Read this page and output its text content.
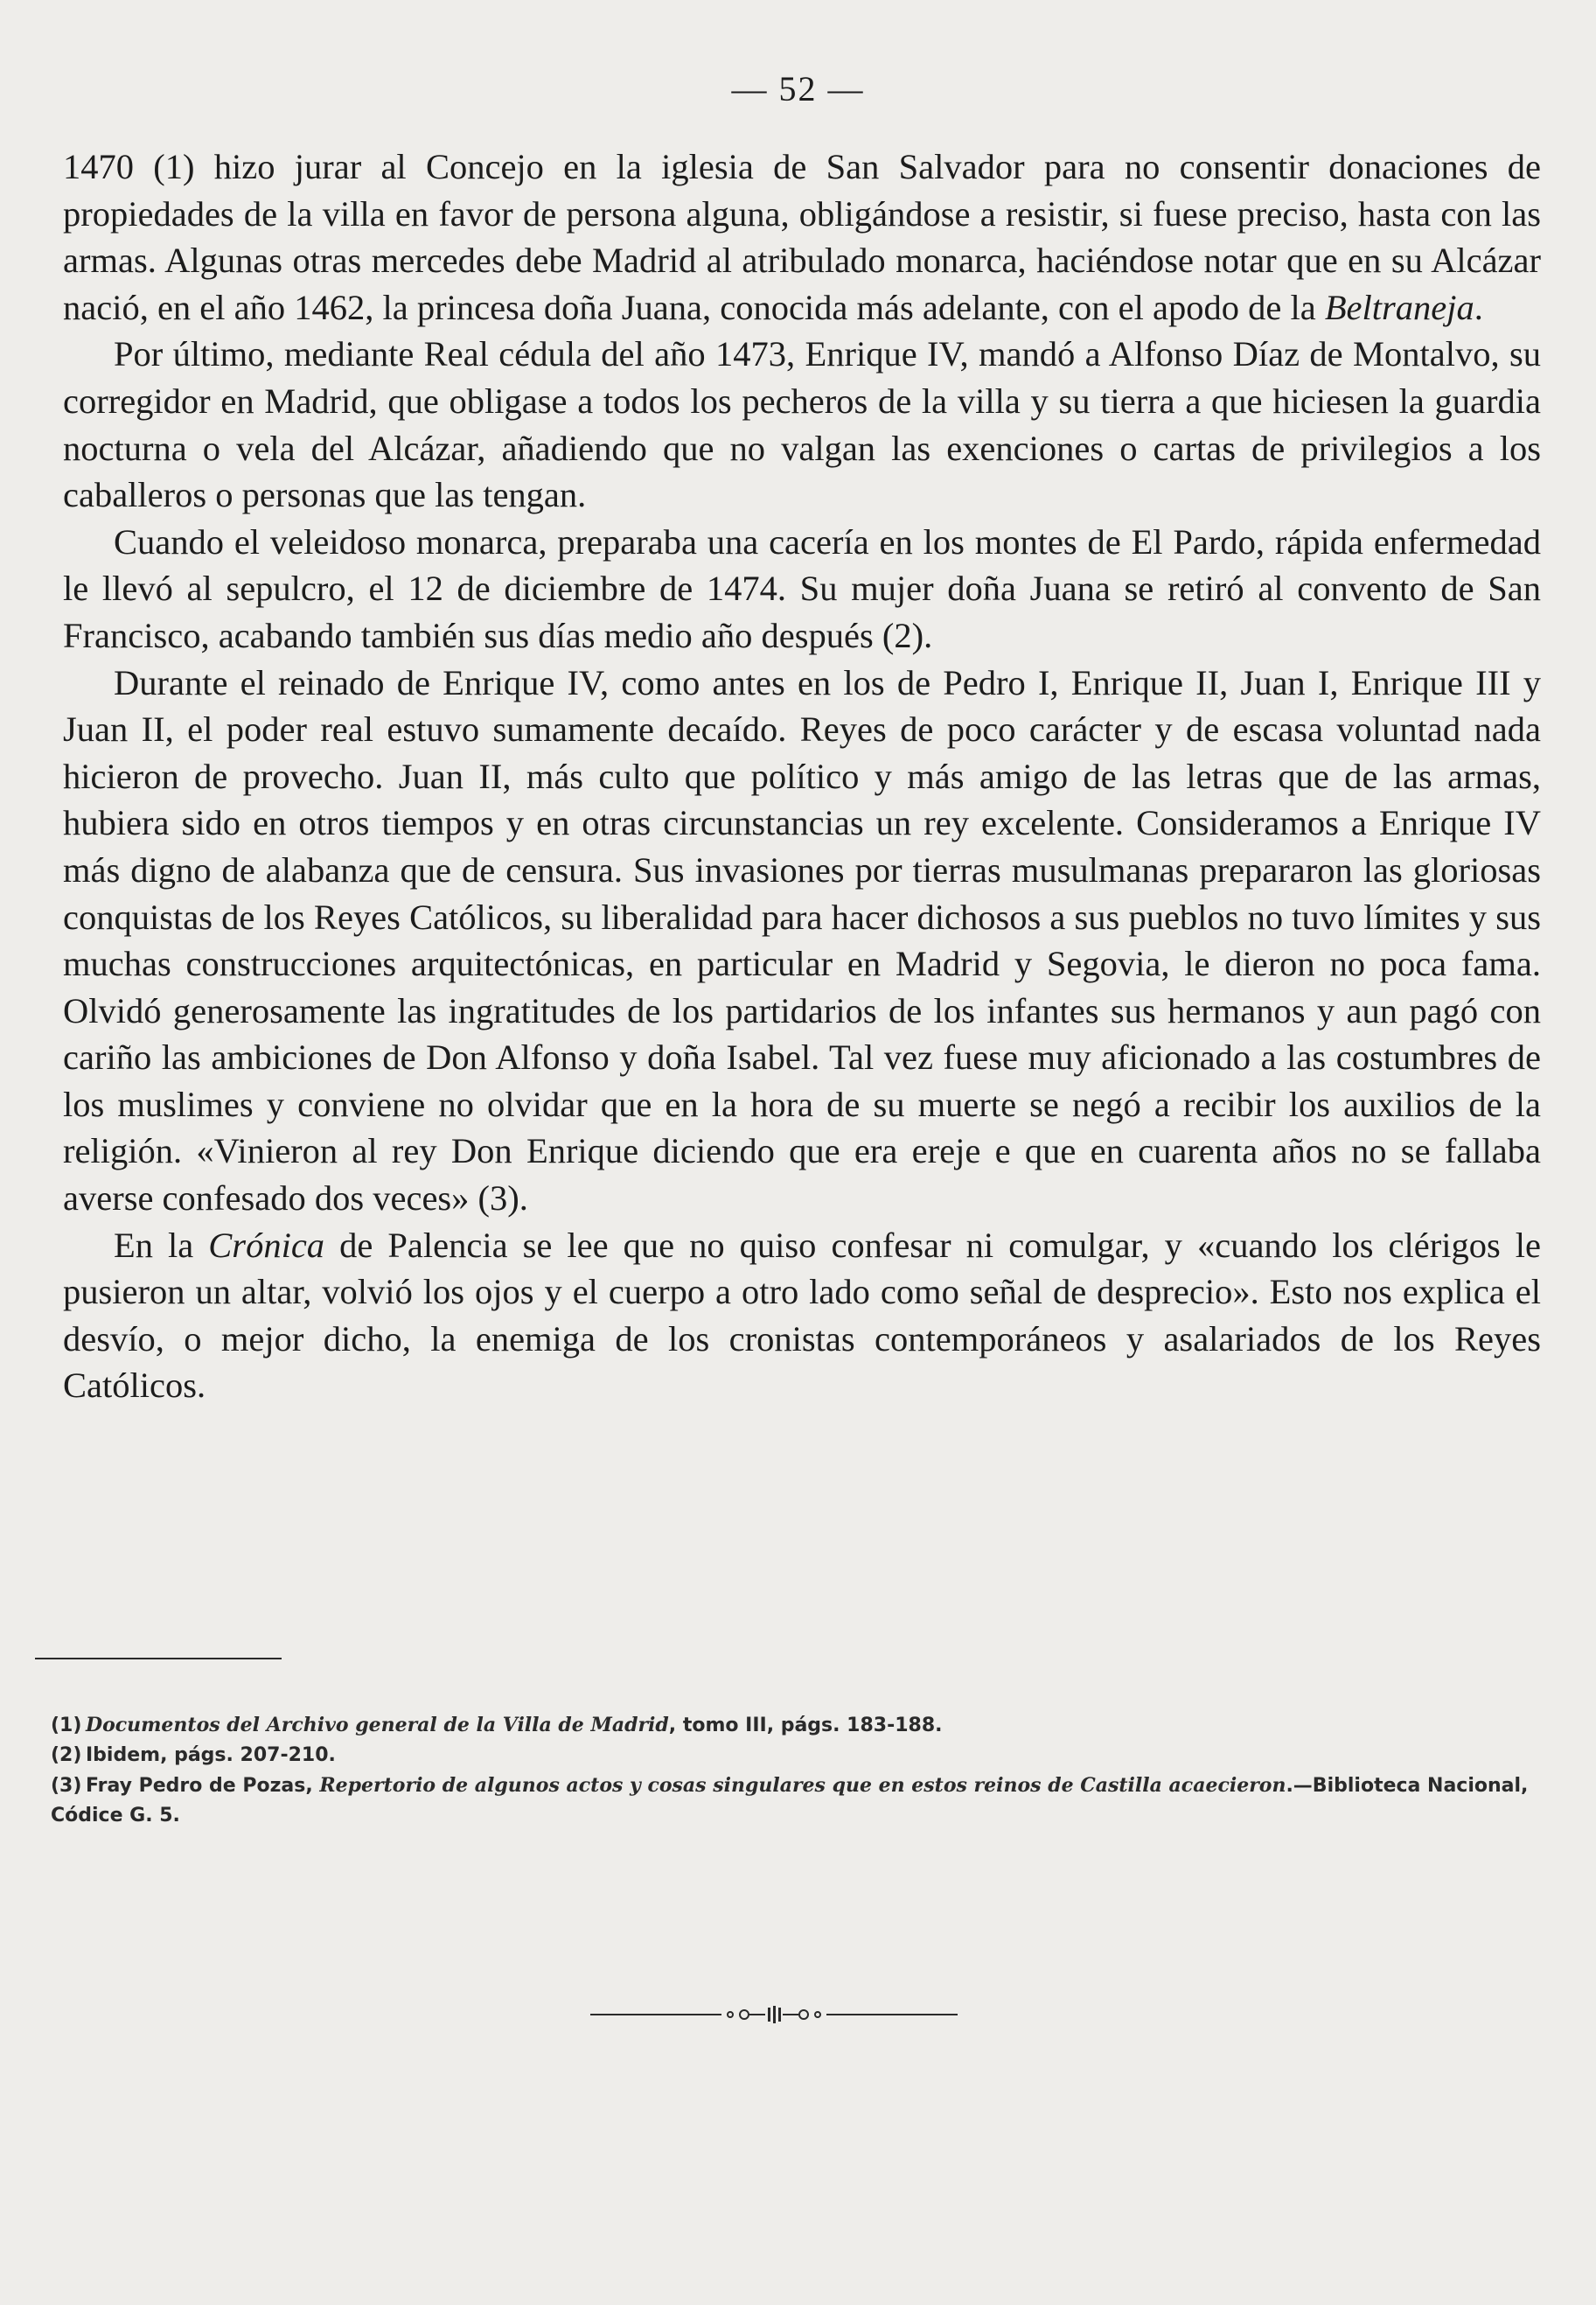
— 52 —

1470 (1) hizo jurar al Concejo en la iglesia de San Salvador para no consentir donaciones de propiedades de la villa en favor de persona alguna, obligándose a resistir, si fuese preciso, hasta con las armas. Algunas otras mercedes debe Madrid al atribulado monarca, haciéndose notar que en su Alcázar nació, en el año 1462, la princesa doña Juana, conocida más adelante, con el apodo de la Beltraneja.

Por último, mediante Real cédula del año 1473, Enrique IV, mandó a Alfonso Díaz de Montalvo, su corregidor en Madrid, que obligase a todos los pecheros de la villa y su tierra a que hiciesen la guardia nocturna o vela del Alcázar, añadiendo que no valgan las exenciones o cartas de privilegios a los caballeros o personas que las tengan.

Cuando el veleidoso monarca, preparaba una cacería en los montes de El Pardo, rápida enfermedad le llevó al sepulcro, el 12 de diciembre de 1474. Su mujer doña Juana se retiró al convento de San Francisco, acabando también sus días medio año después (2).

Durante el reinado de Enrique IV, como antes en los de Pedro I, Enrique II, Juan I, Enrique III y Juan II, el poder real estuvo sumamente decaído. Reyes de poco carácter y de escasa voluntad nada hicieron de provecho. Juan II, más culto que político y más amigo de las letras que de las armas, hubiera sido en otros tiempos y en otras circunstancias un rey excelente. Consideramos a Enrique IV más digno de alabanza que de censura. Sus invasiones por tierras musulmanas prepararon las gloriosas conquistas de los Reyes Católicos, su liberalidad para hacer dichosos a sus pueblos no tuvo límites y sus muchas construcciones arquitectónicas, en particular en Madrid y Segovia, le dieron no poca fama. Olvidó generosamente las ingratitudes de los partidarios de los infantes sus hermanos y aun pagó con cariño las ambiciones de Don Alfonso y doña Isabel. Tal vez fuese muy aficionado a las costumbres de los muslimes y conviene no olvidar que en la hora de su muerte se negó a recibir los auxilios de la religión. «Vinieron al rey Don Enrique diciendo que era ereje e que en cuarenta años no se fallaba averse confesado dos veces» (3).

En la Crónica de Palencia se lee que no quiso confesar ni comulgar, y «cuando los clérigos le pusieron un altar, volvió los ojos y el cuerpo a otro lado como señal de desprecio». Esto nos explica el desvío, o mejor dicho, la enemiga de los cronistas contemporáneos y asalariados de los Reyes Católicos.

(1) Documentos del Archivo general de la Villa de Madrid, tomo III, págs. 183-188.

(2) Ibidem, págs. 207-210.

(3) Fray Pedro de Pozas, Repertorio de algunos actos y cosas singulares que en estos reinos de Castilla acaecieron.—Biblioteca Nacional, Códice G. 5.
